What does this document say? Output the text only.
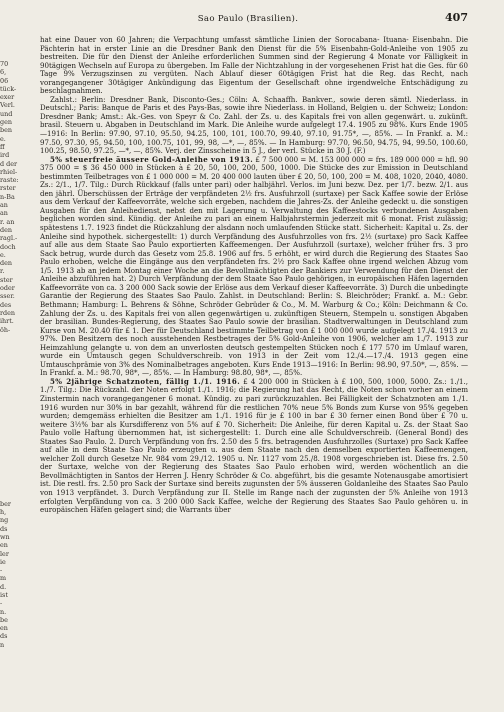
70
6,
06
tück-
exer
Verl.
und
gen
ben
e.
ff
ird
d der
rhiel-
raste:
rster
n-Ba
an
an
r. an
den
ragl.-
doch
e.
den
r.
ster
oder
sser.
des
rden
ihrt.
öh-

ber
h,
ng
ds
wn
en
ler
ie
-
m
d.
ist
-
n.
be
en
ds
n
Sao Paulo (Brasilien).	407

hat eine Dauer von 60 Jahren; die Verpachtung umfasst sämtliche Linien der Sorocabana- Ituana- Eisenbahn. Die Pächterin hat in erster Linie an die Dresdner Bank den Dienst für die 5% Eisenbahn-Gold-Anleihe von 1905 zu bestreiten. Die für den Dienst der Anleihe erforderlichen Summen sind der Regierung 4 Monate vor Fälligkeit in 90tägigen Wechseln auf Europa zu übergeben. Im Falle der Nichtzahlung in der vorgesehenen Frist hat die Ges. für 60 Tage 9% Verzugszinsen zu vergüten. Nach Ablauf dieser 60tägigen Frist hat die Reg. das Recht, nach vorangegangener 30tägiger Ankündigung das Eigentum der Gesellschaft ohne irgendwelche Entschädigung zu beschlagnahmen.

Zahlst.: Berlin: Dresdner Bank, Disconto-Ges.; Cöln: A. Schaaffh. Bankver., sowie deren sämtl. Niederlass. in Deutschl.; Paris: Banque de Paris et des Pays-Bas, sowie ihre Niederlass. in Holland, Belgien u. der Schweiz; London: Dresdner Bank; Amst.: Ak.-Ges. von Speyr & Co. Zahl. der Zs. u. des Kapitals frei von allen gegenwärt. u. zukünft. brasil. Steuern u. Abgaben in Deutschland im Mark. Die Anleihe wurde aufgelegt 17.4. 1905 zu 98%. Kurs Ende 1905—1916: In Berlin: 97.90, 97.10, 95.50, 94.25, 100, 101, 100.70, 99.40, 97.10, 91.75*, —, 85%. — In Frankf. a. M.: 97.50, 97.30, 95, 94.50, 100, 100.75, 101, 99, 98, —*, —, 85%. — In Hamburg: 97.70, 96.50, 94.75, 94, 99.50, 100.60, 100.25, 98.50, 97.25, —*, —, 85%. Verj. der Zinsscheine in 5 J., der verl. Stücke in 30 J. (F.)

5% steuerfreie äussere Gold-Anleihe von 1913. £ 7 500 000 = M. 153 000 000 = frs. 189 000 000 = hfl. 90 375 000 = $ 36 450 000 in Stücken à £ 20, 50, 100, 200, 500, 1000. Die Stücke des zur Emission in Deutschland bestimmten Teilbetrages von £ 1 000 000 = M. 20 400 000 lauten über £ 20, 50, 100, 200 = M. 408, 1020, 2040, 4080. Zs.: 2/1., 1/7. Tilg.: Durch Rückkauf (falls unter pari) oder halbjährl. Verlos. im Juni bezw. Dez. per 1/7. bezw. 2/1. aus den jährl. Überschüssen der Erträge der verpfändeten 2½ frs. Ausfuhrzoll (surtaxe) per Sack Kaffee sowie der Erlöse aus dem Verkauf der Kaffeevorräte, welche sich ergeben, nachdem die Jahres-Zs. der Anleihe gedeckt u. die sonstigen Ausgaben für den Anleihedienst, nebst den mit Lagerung u. Verwaltung des Kaffeestocks verbundenen Ausgaben beglichen worden sind. Kündig. der Anleihe zu pari an einem Halbjahrstermin jederzeit mit 6 monat. Frist zulässig; spätestens 1.7. 1923 findet die Rückzahlung der alsdann noch umlaufenden Stücke statt. Sicherheit: Kapital u. Zs. der Anleihe sind hypothek. sichergestellt: 1) durch Verpfändung des Ausfuhrzolles von frs. 2½ (surtaxe) pro Sack Kaffee auf alle aus dem Staate Sao Paulo exportierten Kaffeemengen. Der Ausfuhrzoll (surtaxe), welcher früher frs. 3 pro Sack betrug, wurde durch das Gesetz vom 25.8. 1906 auf frs. 5 erhöht, er wird durch die Regierung des Staates Sao Paulo erhoben, welche die Eingänge aus den verpfändeten frs. 2½ pro Sack Kaffee ohne irgend welchen Abzug vom 1/5. 1913 ab an jedem Montag einer Woche an die Bevollmächtigten der Bankiers zur Verwendung für den Dienst der Anleihe abzuführen hat. 2) Durch Verpfändung der dem Staate Sao Paulo gehörigen, in europäischen Häfen lagernden Kaffeevorräte von ca. 3 200 000 Sack sowie der Erlöse aus dem Verkauf dieser Kaffeevorräte. 3) Durch die unbedingte Garantie der Regierung des Staates Sao Paulo. Zahlst. in Deutschland: Berlin: S. Bleichröder; Frankf. a. M.: Gebr. Bethmann; Hamburg: L. Behrens & Söhne, Schröder Gebrüder & Co., M. M. Warburg & Co.; Köln: Deichmann & Co. Zahlung der Zs. u. des Kapitals frei von allen gegenwärtigen u. zukünftigen Steuern, Stempeln u. sonstigen Abgaben der brasilian. Bundes-Regierung, des Staates Sao Paulo sowie der brasilian. Stadtverwaltungen in Deutschland zum Kurse von M. 20.40 für £ 1. Der für Deutschland bestimmte Teilbetrag von £ 1 000 000 wurde aufgelegt 17./4. 1913 zu 97%. Den Besitzern des noch ausstehenden Restbetrages der 5% Gold-Anleihe von 1906, welcher am 1./7. 1913 zur Heimzahlung gelangte u. von dem an unverlosten deutsch gestempelten Stücken noch £ 177 570 im Umlauf waren, wurde ein Umtausch gegen Schuldverschreib. von 1913 in der Zeit vom 12./4.—17./4. 1913 gegen eine Umtauschprämie von 3% des Nominalbetrages angeboten. Kurs Ende 1913—1916: In Berlin: 98.90, 97.50*, —, 85%. — In Frankf. a. M.: 98.70, 98*, —, 85%. — In Hamburg: 98.80, 98*, —, 85%.

5% 2jährige Schatznoten, fällig 1./1. 1916. £ 4 200 000 in Stücken à £ 100, 500, 1000, 5000. Zs.: 1./1., 1./7. Tilg.: Die Rückzahl. der Noten erfolgt 1./1. 1916; die Regierung hat das Recht, die Noten schon vorher an einem Zinstermin nach vorangegangener 6 monat. Kündig. zu pari zurückzuzahlen. Bei Fälligkeit der Schatznoten am 1./1. 1916 wurden nur 30% in bar gezahlt, während für die restlichen 70% neue 5% Bonds zum Kurse von 95% gegeben wurden; demgemäss erhielten die Besitzer am 1./1. 1916 für je £ 100 in bar £ 30 ferner einen Bond über £ 70 u. weitere 3½% bar als Kursdifferenz von 5% auf £ 70. Sicherheit: Die Anleihe, für deren Kapital u. Zs. der Staat Sao Paulo volle Haftung übernommen hat, ist sichergestellt: 1. Durch eine alle Schuldverschreib. (General Bond) des Staates Sao Paulo. 2. Durch Verpfändung von frs. 2.50 des 5 frs. betragenden Ausfuhrzolles (Surtaxe) pro Sack Kaffee auf alle in dem Staate Sao Paulo erzeugten u. aus dem Staate nach den demselben exportierten Kaffeemengen, welcher Zoll durch Gesetze Nr. 984 vom 29./12. 1905 u. Nr. 1127 vom 25./8. 1908 vorgeschrieben ist. Diese frs. 2.50 der Surtaxe, welche von der Regierung des Staates Sao Paulo erhoben wird, werden wöchentlich an die Bevollmächtigten in Santos der Herren J. Henry Schröder & Co. abgeführt, bis die gesamte Notenausgabe amortisiert ist. Die restl. frs. 2.50 pro Sack der Surtaxe sind bereits zugunsten der 5% äusseren Goldanleihe des Staates Sao Paulo von 1913 verpfändet. 3. Durch Verpfändung zur II. Stelle im Range nach der zugunsten der 5% Anleihe von 1913 erfolgten Verpfändung von ca. 3 200 000 Sack Kaffee, welche der Regierung des Staates Sao Paulo gehören u. in europäischen Häfen gelagert sind; die Warrants über
